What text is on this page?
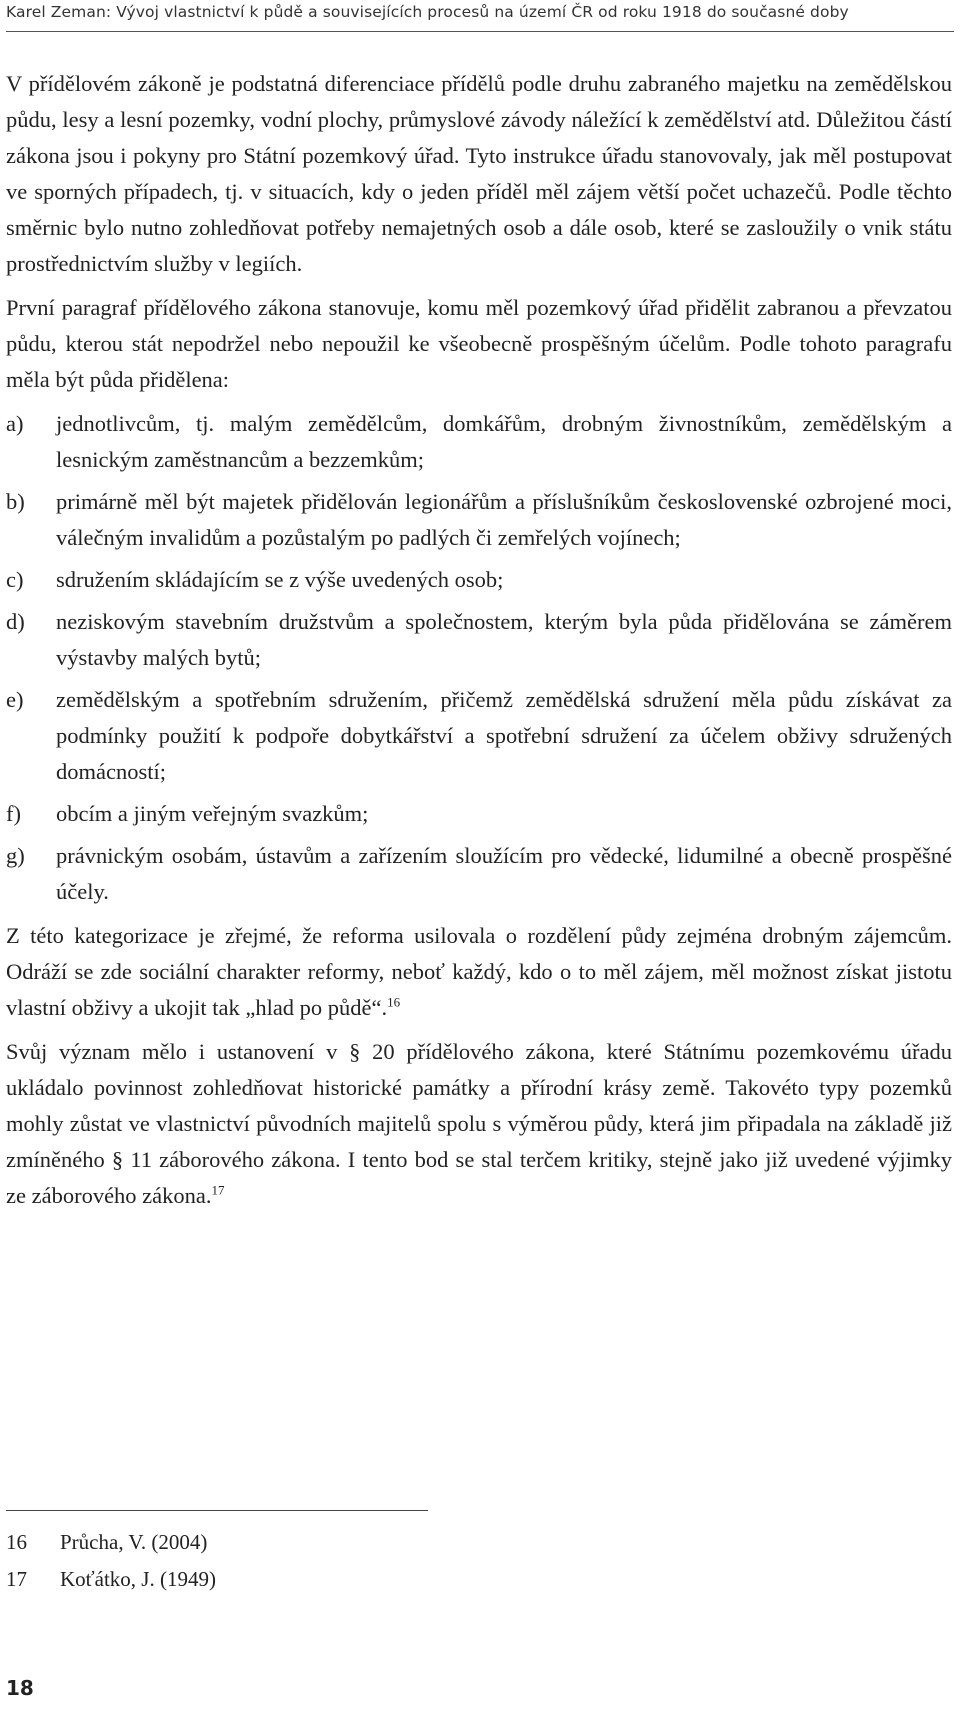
Karel Zeman: Vývoj vlastnictví k půdě a souvisejících procesů na území ČR od roku 1918 do současné doby

V přídělovém zákoně je podstatná diferenciace přídělů podle druhu zabraného majetku na zemědělskou půdu, lesy a lesní pozemky, vodní plochy, průmyslové závody náležící k zemědělství atd. Důležitou částí zákona jsou i pokyny pro Státní pozemkový úřad. Tyto instrukce úřadu stanovovaly, jak měl postupovat ve sporných případech, tj. v situacích, kdy o jeden příděl měl zájem větší počet uchazečů. Podle těchto směrnic bylo nutno zohledňovat potřeby nemajetných osob a dále osob, které se zasloužily o vnik státu prostřednictvím služby v legiích.

První paragraf přídělového zákona stanovuje, komu měl pozemkový úřad přidělit zabranou a převzatou půdu, kterou stát nepodržel nebo nepoužil ke všeobecně prospěšným účelům. Podle tohoto paragrafu měla být půda přidělena:

a)	jednotlivcům, tj. malým zemědělcům, domkářům, drobným živnostníkům, zemědělským a lesnickým zaměstnancům a bezzemkům;
b)	primárně měl být majetek přidělován legionářům a příslušníkům československé ozbrojené moci, válečným invalidům a pozůstalým po padlých či zemřelých vojínech;
c)	sdružením skládajícím se z výše uvedených osob;
d)	neziskovým stavebním družstvům a společnostem, kterým byla půda přidělována se záměrem výstavby malých bytů;
e)	zemědělským a spotřebním sdružením, přičemž zemědělská sdružení měla půdu získávat za podmínky použití k podpoře dobytkářství a spotřební sdružení za účelem obživy sdružených domácností;
f)	obcím a jiným veřejným svazkům;
g)	právnickým osobám, ústavům a zařízením sloužícím pro vědecké, lidumilné a obecně prospěšné účely.

Z této kategorizace je zřejmé, že reforma usilovala o rozdělení půdy zejména drobným zájemcům. Odráží se zde sociální charakter reformy, neboť každý, kdo o to měl zájem, měl možnost získat jistotu vlastní obživy a ukojit tak „hlad po půdě“.$^{16}$

Svůj význam mělo i ustanovení v § 20 přídělového zákona, které Státnímu pozemkovému úřadu ukládalo povinnost zohledňovat historické památky a přírodní krásy země. Takovéto typy pozemků mohly zůstat ve vlastnictví původních majitelů spolu s výměrou půdy, která jim připadala na základě již zmíněného § 11 záborového zákona. I tento bod se stal terčem kritiky, stejně jako již uvedené výjimky ze záborového zákona.$^{17}$

16	Průcha, V. (2004)
17	Koťátko, J. (1949)
18
